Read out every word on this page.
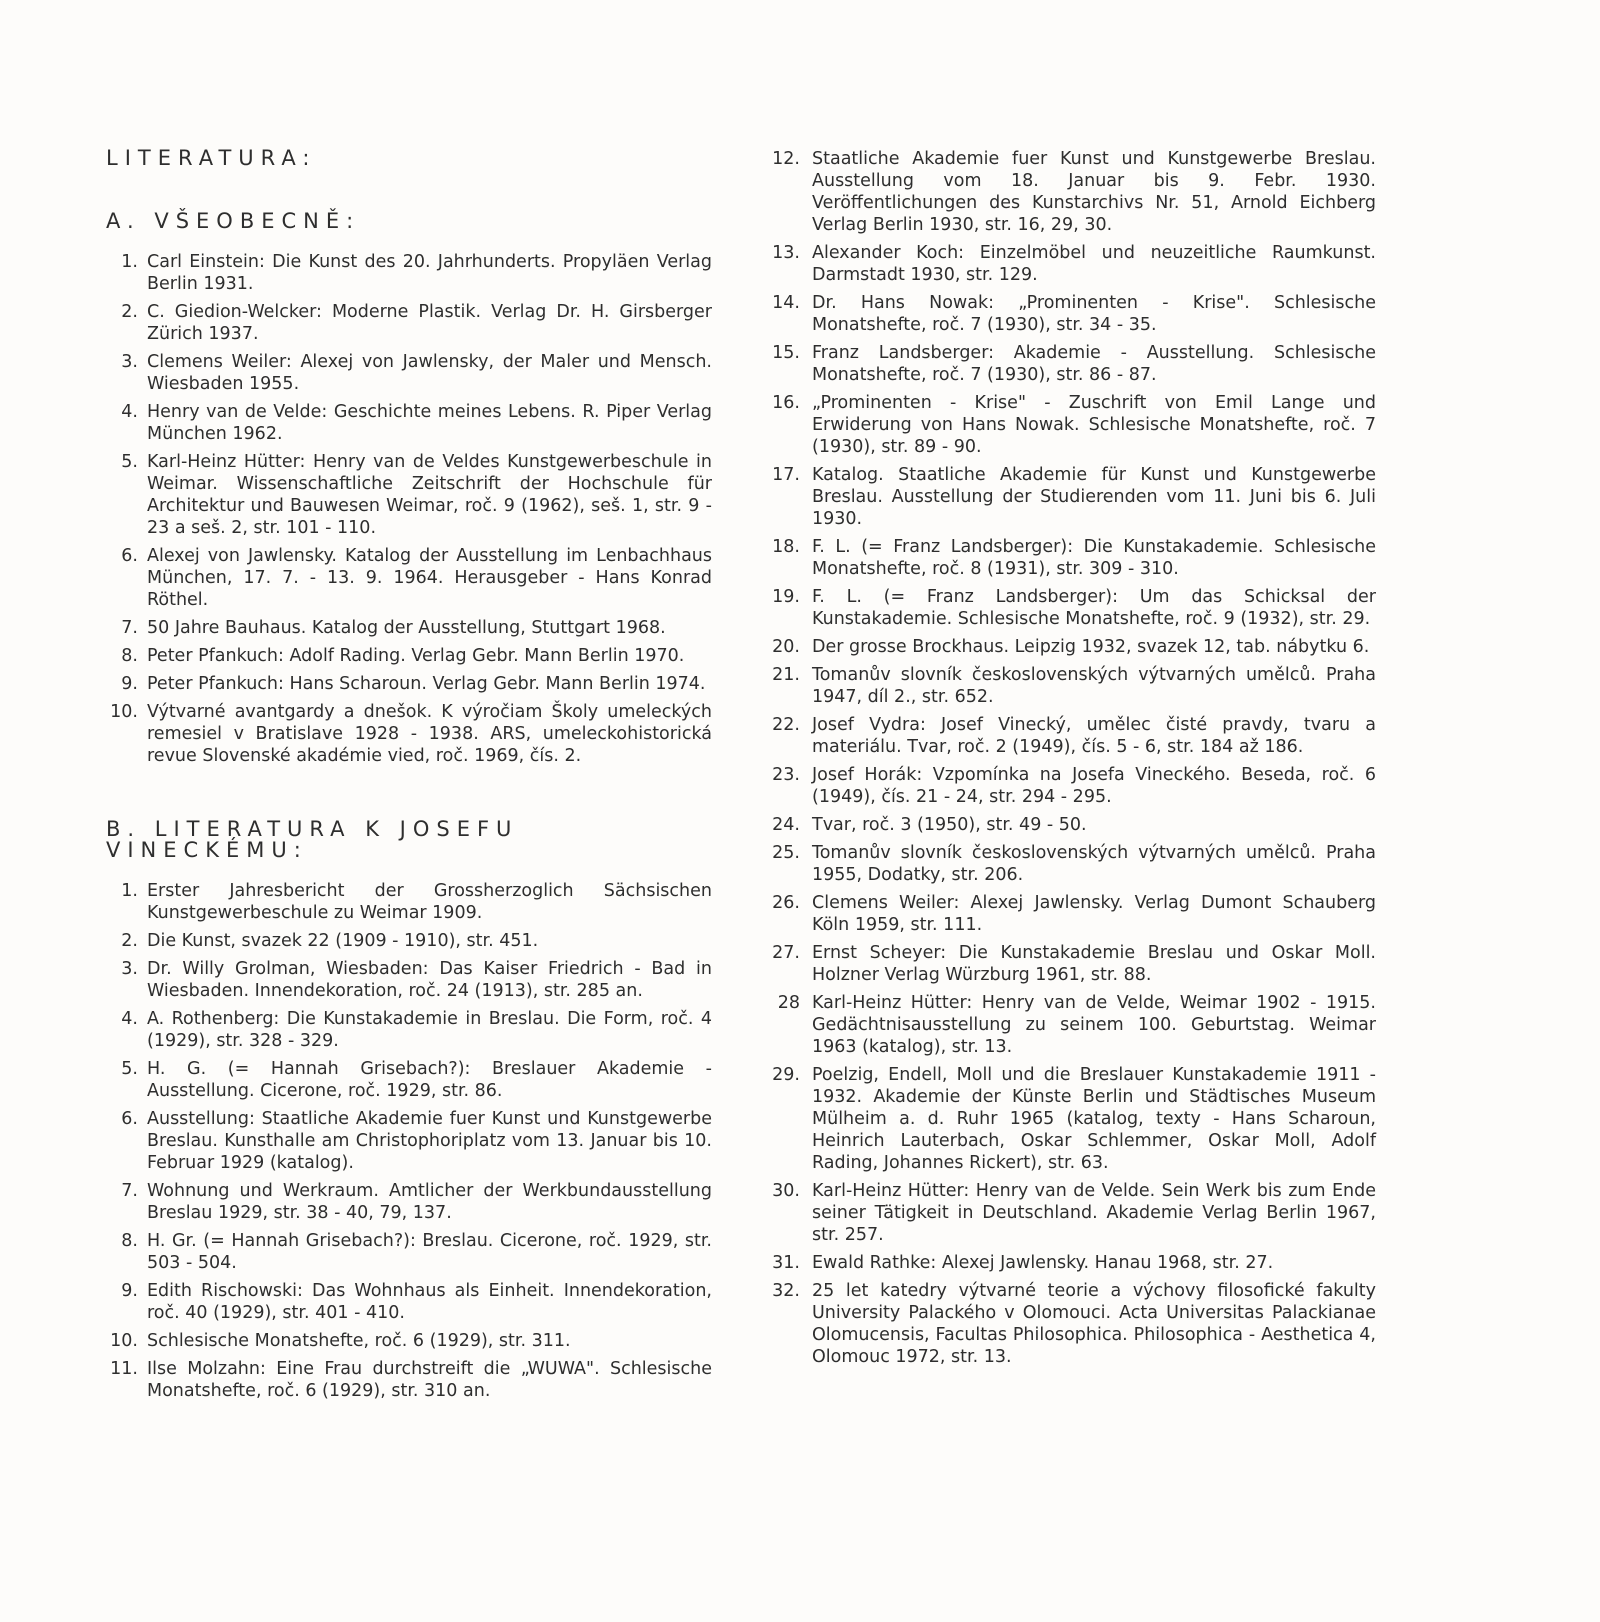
LITERATURA:
A. VŠEOBECNĚ:
1. Carl Einstein: Die Kunst des 20. Jahrhunderts. Propyläen Verlag Berlin 1931.
2. C. Giedion-Welcker: Moderne Plastik. Verlag Dr. H. Girsberger Zürich 1937.
3. Clemens Weiler: Alexej von Jawlensky, der Maler und Mensch. Wiesbaden 1955.
4. Henry van de Velde: Geschichte meines Lebens. R. Piper Verlag München 1962.
5. Karl-Heinz Hütter: Henry van de Veldes Kunstgewerbeschule in Weimar. Wissenschaftliche Zeitschrift der Hochschule für Architektur und Bauwesen Weimar, roč. 9 (1962), seš. 1, str. 9 - 23 a seš. 2, str. 101 - 110.
6. Alexej von Jawlensky. Katalog der Ausstellung im Lenbachhaus München, 17. 7. - 13. 9. 1964. Herausgeber - Hans Konrad Röthel.
7. 50 Jahre Bauhaus. Katalog der Ausstellung, Stuttgart 1968.
8. Peter Pfankuch: Adolf Rading. Verlag Gebr. Mann Berlin 1970.
9. Peter Pfankuch: Hans Scharoun. Verlag Gebr. Mann Berlin 1974.
10. Výtvarné avantgardy a dnešok. K výročiam Školy umeleckých remesiel v Bratislave 1928 - 1938. ARS, umeleckohistorická revue Slovenské akadémie vied, roč. 1969, čís. 2.
B. LITERATURA K JOSEFU VINECKÉMU:
1. Erster Jahresbericht der Grossherzoglich Sächsischen Kunstgewerbeschule zu Weimar 1909.
2. Die Kunst, svazek 22 (1909 - 1910), str. 451.
3. Dr. Willy Grolman, Wiesbaden: Das Kaiser Friedrich - Bad in Wiesbaden. Innendekoration, roč. 24 (1913), str. 285 an.
4. A. Rothenberg: Die Kunstakademie in Breslau. Die Form, roč. 4 (1929), str. 328 - 329.
5. H. G. (= Hannah Grisebach?): Breslauer Akademie - Ausstellung. Cicerone, roč. 1929, str. 86.
6. Ausstellung: Staatliche Akademie fuer Kunst und Kunstgewerbe Breslau. Kunsthalle am Christophoriplatz vom 13. Januar bis 10. Februar 1929 (katalog).
7. Wohnung und Werkraum. Amtlicher der Werkbundausstellung Breslau 1929, str. 38 - 40, 79, 137.
8. H. Gr. (= Hannah Grisebach?): Breslau. Cicerone, roč. 1929, str. 503 - 504.
9. Edith Rischowski: Das Wohnhaus als Einheit. Innendekoration, roč. 40 (1929), str. 401 - 410.
10. Schlesische Monatshefte, roč. 6 (1929), str. 311.
11. Ilse Molzahn: Eine Frau durchstreift die „WUWA". Schlesische Monatshefte, roč. 6 (1929), str. 310 an.
12. Staatliche Akademie fuer Kunst und Kunstgewerbe Breslau. Ausstellung vom 18. Januar bis 9. Febr. 1930. Veröffentlichungen des Kunstarchivs Nr. 51, Arnold Eichberg Verlag Berlin 1930, str. 16, 29, 30.
13. Alexander Koch: Einzelmöbel und neuzeitliche Raumkunst. Darmstadt 1930, str. 129.
14. Dr. Hans Nowak: „Prominenten - Krise". Schlesische Monatshefte, roč. 7 (1930), str. 34 - 35.
15. Franz Landsberger: Akademie - Ausstellung. Schlesische Monatshefte, roč. 7 (1930), str. 86 - 87.
16. „Prominenten - Krise" - Zuschrift von Emil Lange und Erwiderung von Hans Nowak. Schlesische Monatshefte, roč. 7 (1930), str. 89 - 90.
17. Katalog. Staatliche Akademie für Kunst und Kunstgewerbe Breslau. Ausstellung der Studierenden vom 11. Juni bis 6. Juli 1930.
18. F. L. (= Franz Landsberger): Die Kunstakademie. Schlesische Monatshefte, roč. 8 (1931), str. 309 - 310.
19. F. L. (= Franz Landsberger): Um das Schicksal der Kunstakademie. Schlesische Monatshefte, roč. 9 (1932), str. 29.
20. Der grosse Brockhaus. Leipzig 1932, svazek 12, tab. nábytku 6.
21. Tomanův slovník československých výtvarných umělců. Praha 1947, díl 2., str. 652.
22. Josef Vydra: Josef Vinecký, umělec čisté pravdy, tvaru a materiálu. Tvar, roč. 2 (1949), čís. 5 - 6, str. 184 až 186.
23. Josef Horák: Vzpomínka na Josefa Vineckého. Beseda, roč. 6 (1949), čís. 21 - 24, str. 294 - 295.
24. Tvar, roč. 3 (1950), str. 49 - 50.
25. Tomanův slovník československých výtvarných umělců. Praha 1955, Dodatky, str. 206.
26. Clemens Weiler: Alexej Jawlensky. Verlag Dumont Schauberg Köln 1959, str. 111.
27. Ernst Scheyer: Die Kunstakademie Breslau und Oskar Moll. Holzner Verlag Würzburg 1961, str. 88.
28 Karl-Heinz Hütter: Henry van de Velde, Weimar 1902 - 1915. Gedächtnisausstellung zu seinem 100. Geburtstag. Weimar 1963 (katalog), str. 13.
29. Poelzig, Endell, Moll und die Breslauer Kunstakademie 1911 - 1932. Akademie der Künste Berlin und Städtisches Museum Mülheim a. d. Ruhr 1965 (katalog, texty - Hans Scharoun, Heinrich Lauterbach, Oskar Schlemmer, Oskar Moll, Adolf Rading, Johannes Rickert), str. 63.
30. Karl-Heinz Hütter: Henry van de Velde. Sein Werk bis zum Ende seiner Tätigkeit in Deutschland. Akademie Verlag Berlin 1967, str. 257.
31. Ewald Rathke: Alexej Jawlensky. Hanau 1968, str. 27.
32. 25 let katedry výtvarné teorie a výchovy filosofické fakulty University Palackého v Olomouci. Acta Universitas Palackianae Olomucensis, Facultas Philosophica. Philosophica - Aesthetica 4, Olomouc 1972, str. 13.
